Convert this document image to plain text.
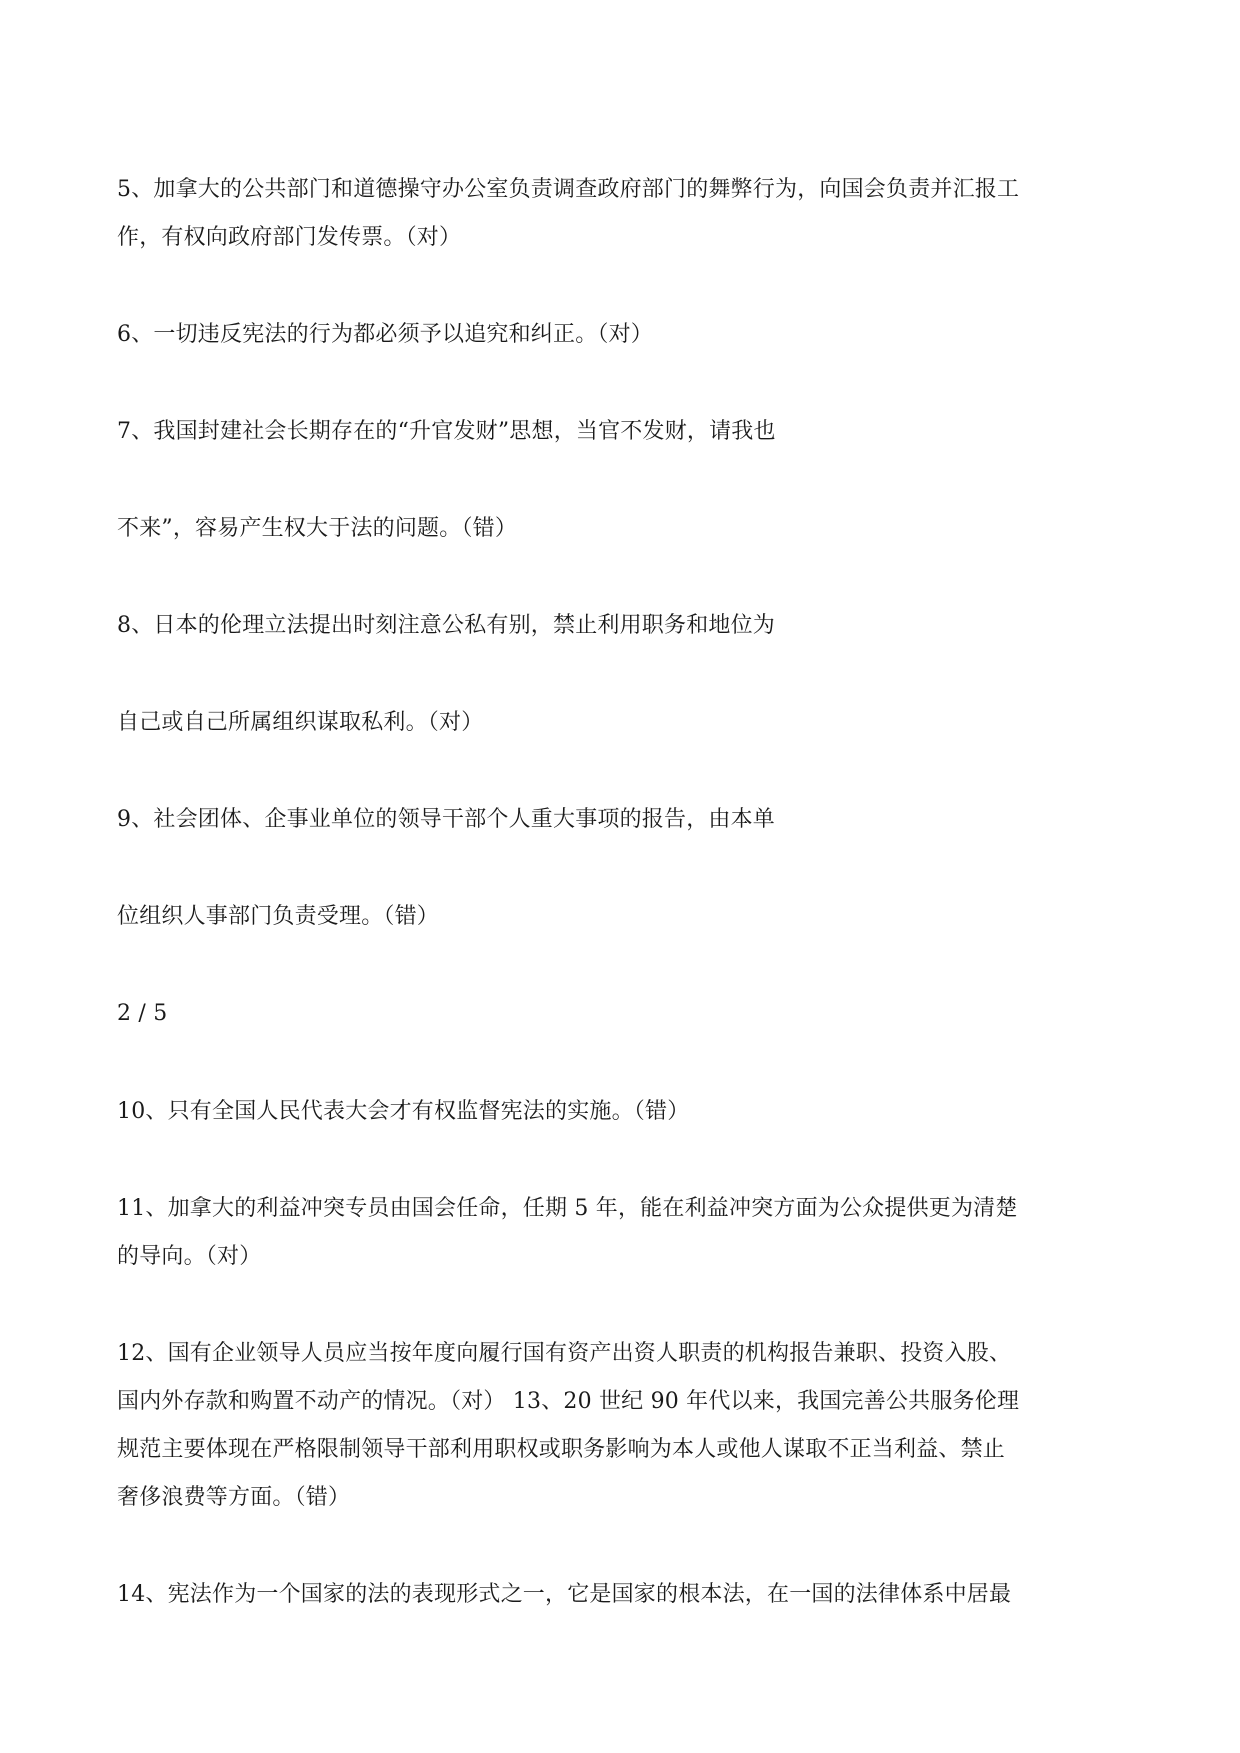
5、加拿大的公共部门和道德操守办公室负责调查政府部门的舞弊行为，向国会负责并汇报工
作，有权向政府部门发传票。（对）
6、一切违反宪法的行为都必须予以追究和纠正。（对）
7、我国封建社会长期存在的“升官发财”思想，当官不发财，请我也
不来”，容易产生权大于法的问题。（错）
8、日本的伦理立法提出时刻注意公私有别，禁止利用职务和地位为
自己或自己所属组织谋取私利。（对）
9、社会团体、企事业单位的领导干部个人重大事项的报告，由本单
位组织人事部门负责受理。（错）
2 / 5
10、只有全国人民代表大会才有权监督宪法的实施。（错）
11、加拿大的利益冲突专员由国会任命，任期 5 年，能在利益冲突方面为公众提供更为清楚
的导向。（对）
12、国有企业领导人员应当按年度向履行国有资产出资人职责的机构报告兼职、投资入股、
国内外存款和购置不动产的情况。（对） 13、20 世纪 90 年代以来，我国完善公共服务伦理
规范主要体现在严格限制领导干部利用职权或职务影响为本人或他人谋取不正当利益、禁止
奢侈浪费等方面。（错）
14、宪法作为一个国家的法的表现形式之一，它是国家的根本法，在一国的法律体系中居最
